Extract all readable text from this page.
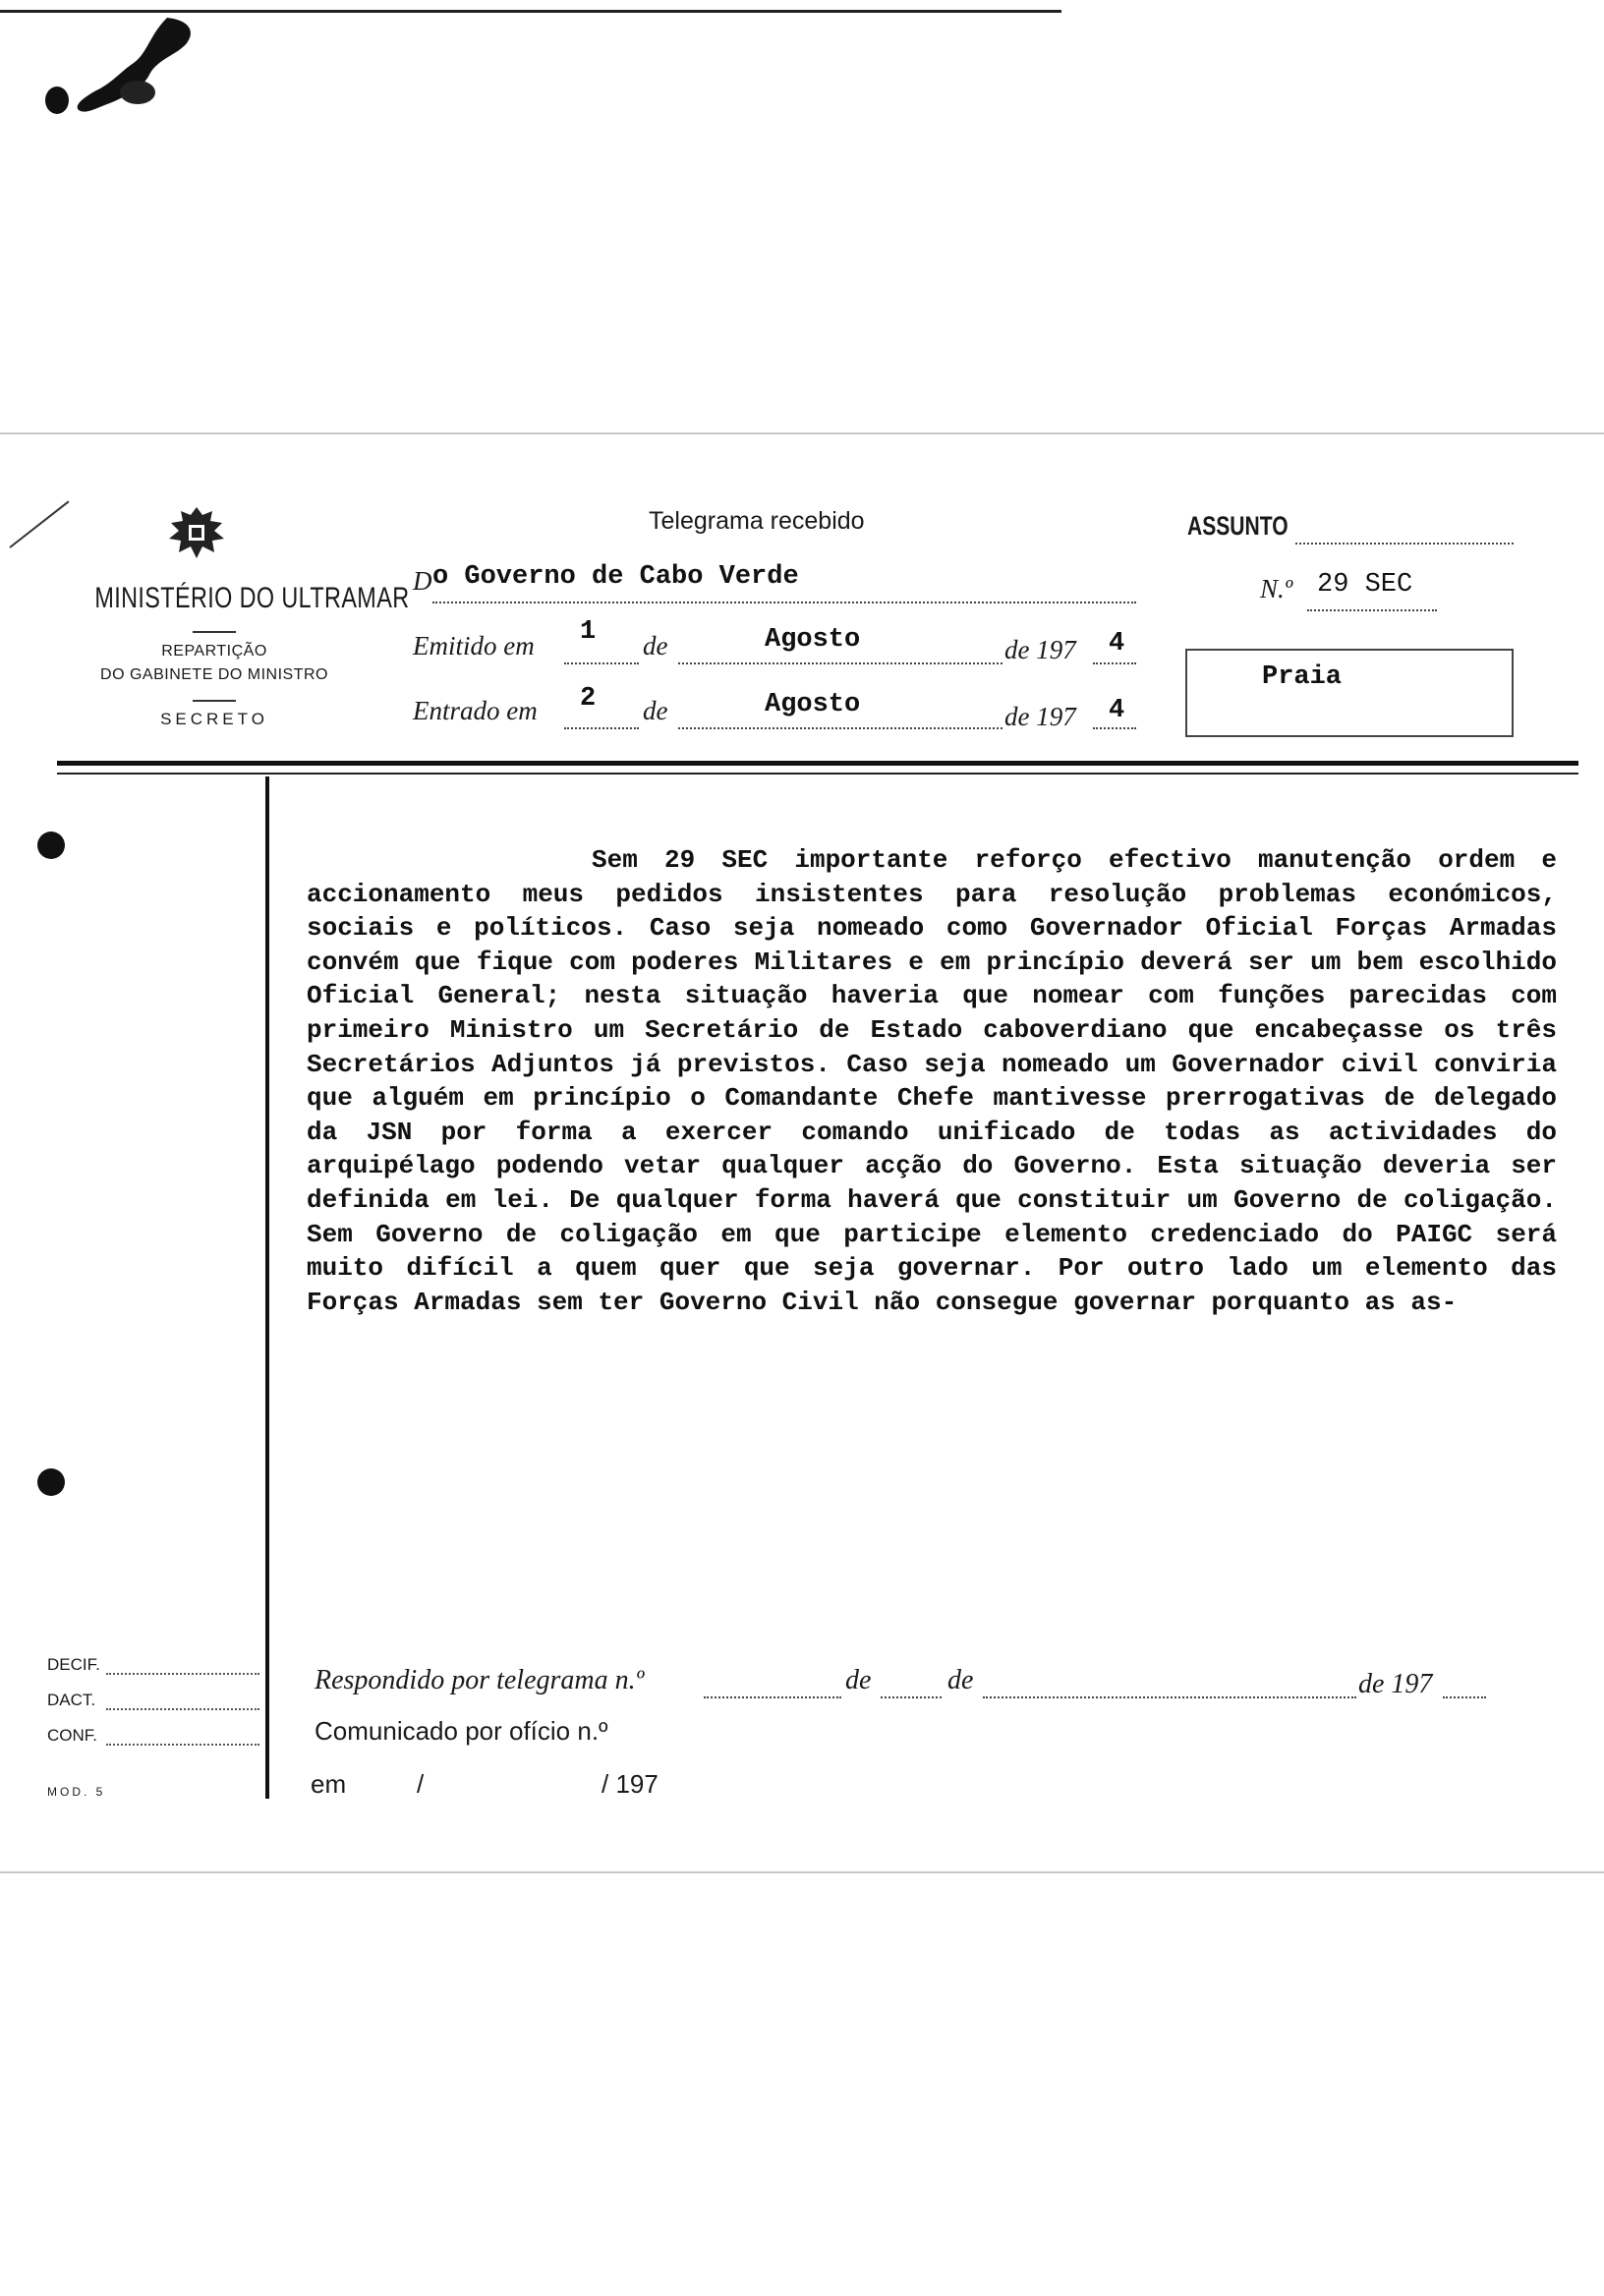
MINISTÉRIO DO ULTRAMAR
REPARTIÇÃO
DO GABINETE DO MINISTRO
SECRETO
Telegrama recebido
D o Governo de Cabo Verde
Emitido em 1 de	Agosto	de 197 4
Entrado em 2 de	Agosto	de 197 4
ASSUNTO
N.º 29 SEC
Praia
Sem 29 SEC importante reforço efectivo manutenção ordem e accionamento meus pedidos insistentes para resolução problemas económicos, sociais e políticos. Caso seja nomeado como Governador Oficial Forças Armadas convém que fique com poderes Militares e em princípio deverá ser um bem escolhido Oficial General; nesta situação haveria que nomear com funções parecidas com primeiro Ministro um Secretário de Estado caboverdiano que encabeçasse os três Secretários Adjuntos já previstos. Caso seja nomeado um Governador civil conviria que alguém em princípio o Comandante Chefe mantivesse prerrogativas de delegado da JSN por forma a exercer comando unificado de todas as actividades do arquipélago podendo vetar qualquer acção do Governo. Esta situação deveria ser definida em lei. De qualquer forma haverá que constituir um Governo de coligação. Sem Governo de coligação em que participe elemento credenciado do PAIGC será muito difícil a quem quer que seja governar. Por outro lado um elemento das Forças Armadas sem ter Governo Civil não consegue governar porquanto as as-
DECIF.
DACT.
CONF.
MOD. 5
Respondido por telegrama n.º	de	de	de 197
Comunicado por ofício n.º
em	/	/ 197
